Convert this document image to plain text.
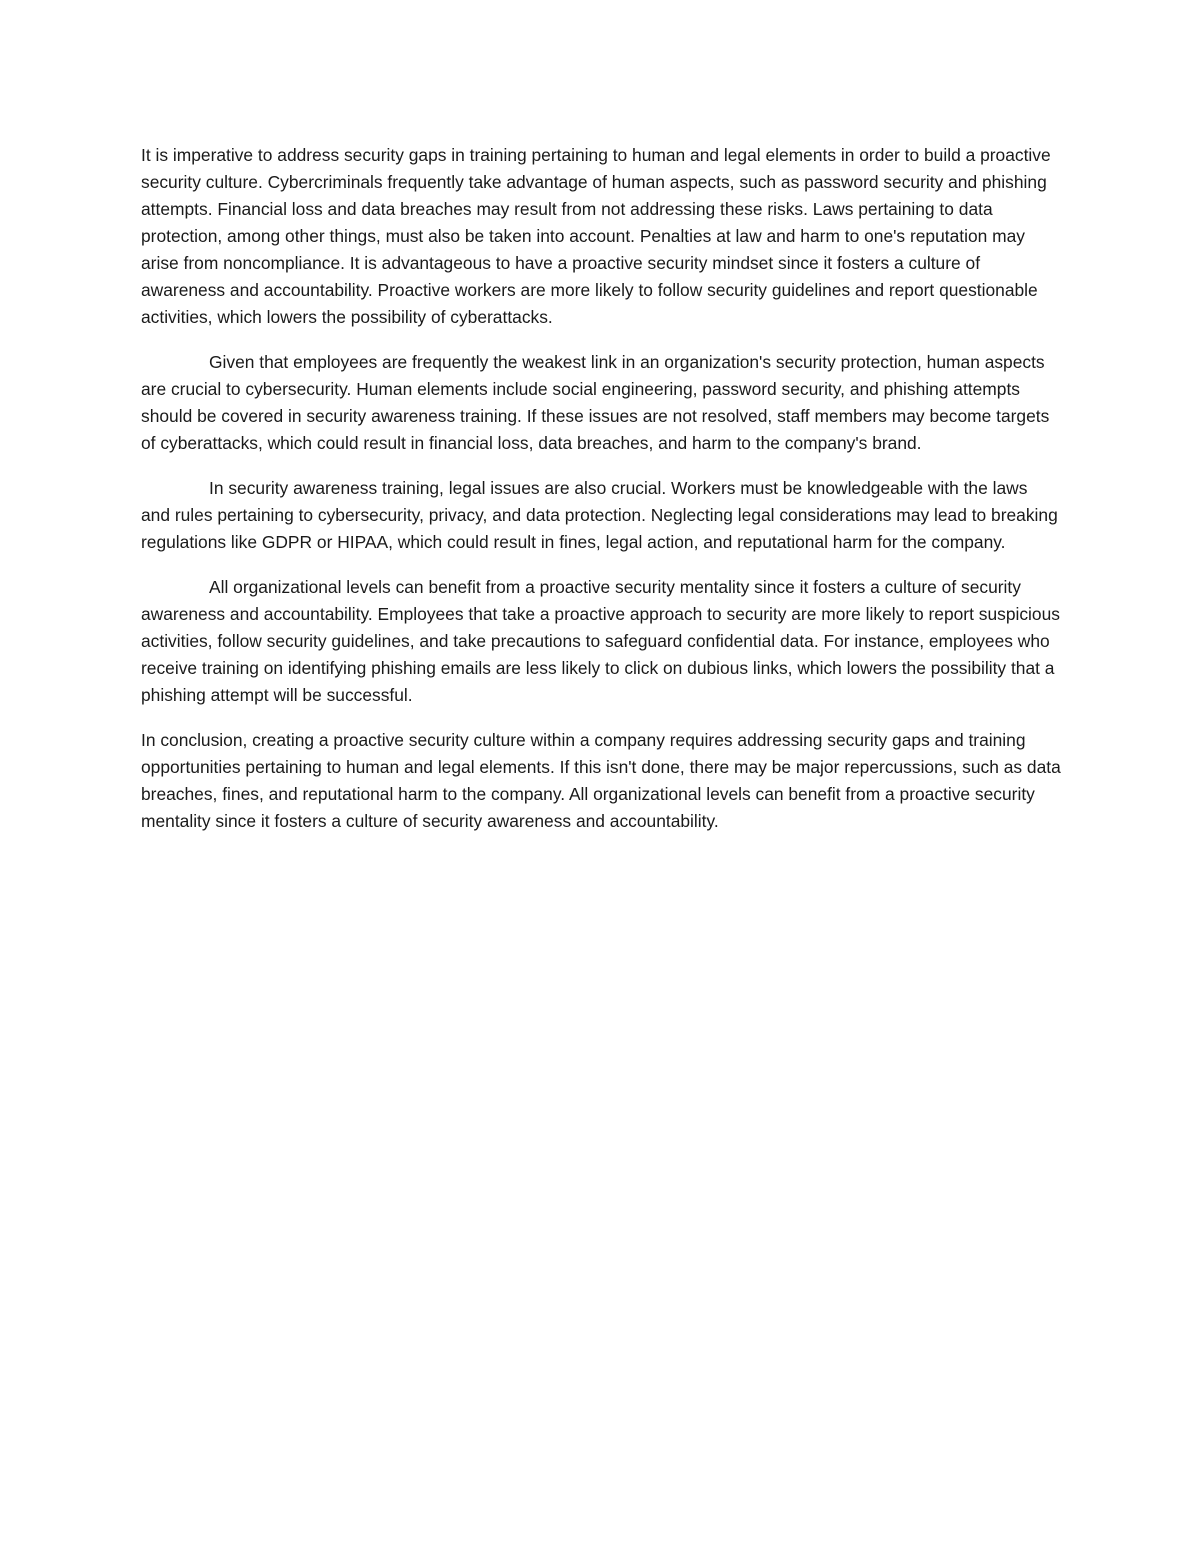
It is imperative to address security gaps in training pertaining to human and legal elements in order to build a proactive security culture. Cybercriminals frequently take advantage of human aspects, such as password security and phishing attempts. Financial loss and data breaches may result from not addressing these risks. Laws pertaining to data protection, among other things, must also be taken into account. Penalties at law and harm to one's reputation may arise from noncompliance. It is advantageous to have a proactive security mindset since it fosters a culture of awareness and accountability. Proactive workers are more likely to follow security guidelines and report questionable activities, which lowers the possibility of cyberattacks.

Given that employees are frequently the weakest link in an organization's security protection, human aspects are crucial to cybersecurity. Human elements include social engineering, password security, and phishing attempts should be covered in security awareness training. If these issues are not resolved, staff members may become targets of cyberattacks, which could result in financial loss, data breaches, and harm to the company's brand.

In security awareness training, legal issues are also crucial. Workers must be knowledgeable with the laws and rules pertaining to cybersecurity, privacy, and data protection. Neglecting legal considerations may lead to breaking regulations like GDPR or HIPAA, which could result in fines, legal action, and reputational harm for the company.

All organizational levels can benefit from a proactive security mentality since it fosters a culture of security awareness and accountability. Employees that take a proactive approach to security are more likely to report suspicious activities, follow security guidelines, and take precautions to safeguard confidential data. For instance, employees who receive training on identifying phishing emails are less likely to click on dubious links, which lowers the possibility that a phishing attempt will be successful.

In conclusion, creating a proactive security culture within a company requires addressing security gaps and training opportunities pertaining to human and legal elements. If this isn't done, there may be major repercussions, such as data breaches, fines, and reputational harm to the company. All organizational levels can benefit from a proactive security mentality since it fosters a culture of security awareness and accountability.
